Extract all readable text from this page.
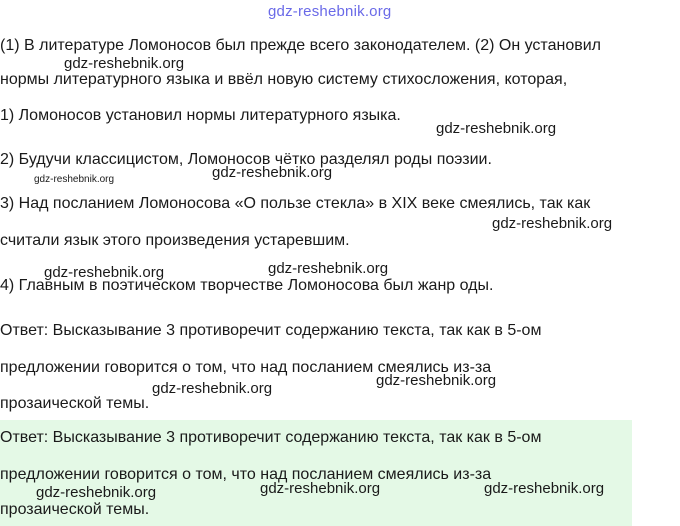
gdz-reshebnik.org
(1) В литературе Ломоносов был прежде всего законодателем. (2) Он установил
нормы литературного языка и ввёл новую систему стихосложения, которая,
1) Ломоносов установил нормы литературного языка.
2) Будучи классицистом, Ломоносов чётко разделял роды поэзии.
3) Над посланием Ломоносова «О пользе стекла» в XIX веке смеялись, так как
считали язык этого произведения устаревшим.
4) Главным в поэтическом творчестве Ломоносова был жанр оды.
Ответ: Высказывание 3 противоречит содержанию текста, так как в 5-ом
предложении говорится о том, что над посланием смеялись из-за
прозаической темы.
Ответ: Высказывание 3 противоречит содержанию текста, так как в 5-ом
предложении говорится о том, что над посланием смеялись из-за
прозаической темы.
gdz-reshebnik.org
gdz-reshebnik.org
gdz-reshebnik.org	gdz-reshebnik.org
gdz-reshebnik.org
gdz-reshebnik.org	gdz-reshebnik.org
gdz-reshebnik.org
gdz-reshebnik.org
gdz-reshebnik.org	gdz-reshebnik.org	gdz-reshebnik.org
